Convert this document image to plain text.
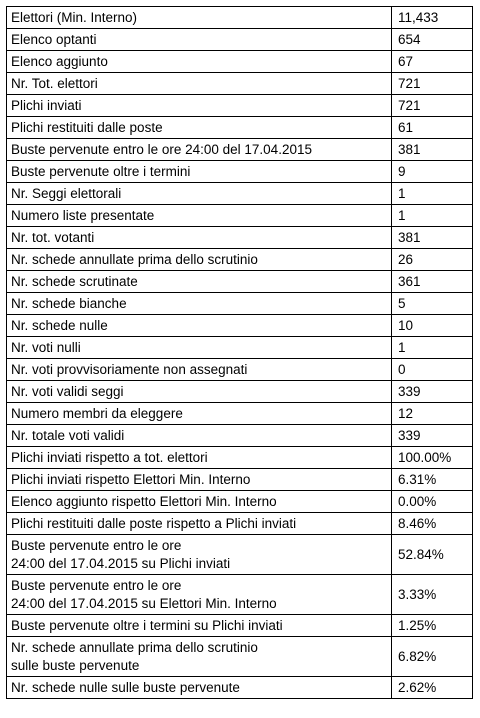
Elettori (Min. Interno)	11,433
Elenco optanti	654
Elenco aggiunto	67
Nr. Tot. elettori	721
Plichi inviati	721
Plichi restituiti dalle poste	61
Buste pervenute entro le ore 24:00 del 17.04.2015	381
Buste pervenute oltre i termini	9
Nr. Seggi elettorali	1
Numero liste presentate	1
Nr. tot. votanti	381
Nr. schede annullate prima dello scrutinio	26
Nr. schede scrutinate	361
Nr. schede bianche	5
Nr. schede nulle	10
Nr. voti nulli	1
Nr. voti provvisoriamente non assegnati	0
Nr. voti validi seggi	339
Numero membri da eleggere	12
Nr. totale voti validi	339
Plichi inviati rispetto a tot. elettori	100.00%
Plichi inviati rispetto Elettori Min. Interno	6.31%
Elenco aggiunto rispetto Elettori Min. Interno	0.00%
Plichi restituiti dalle poste rispetto a Plichi inviati	8.46%
Buste pervenute entro le ore
24:00 del 17.04.2015 su Plichi inviati	52.84%
Buste pervenute entro le ore
24:00 del 17.04.2015 su Elettori Min. Interno	3.33%
Buste pervenute oltre i termini su Plichi inviati	1.25%
Nr. schede annullate prima dello scrutinio
sulle buste pervenute	6.82%
Nr. schede nulle sulle buste pervenute	2.62%
